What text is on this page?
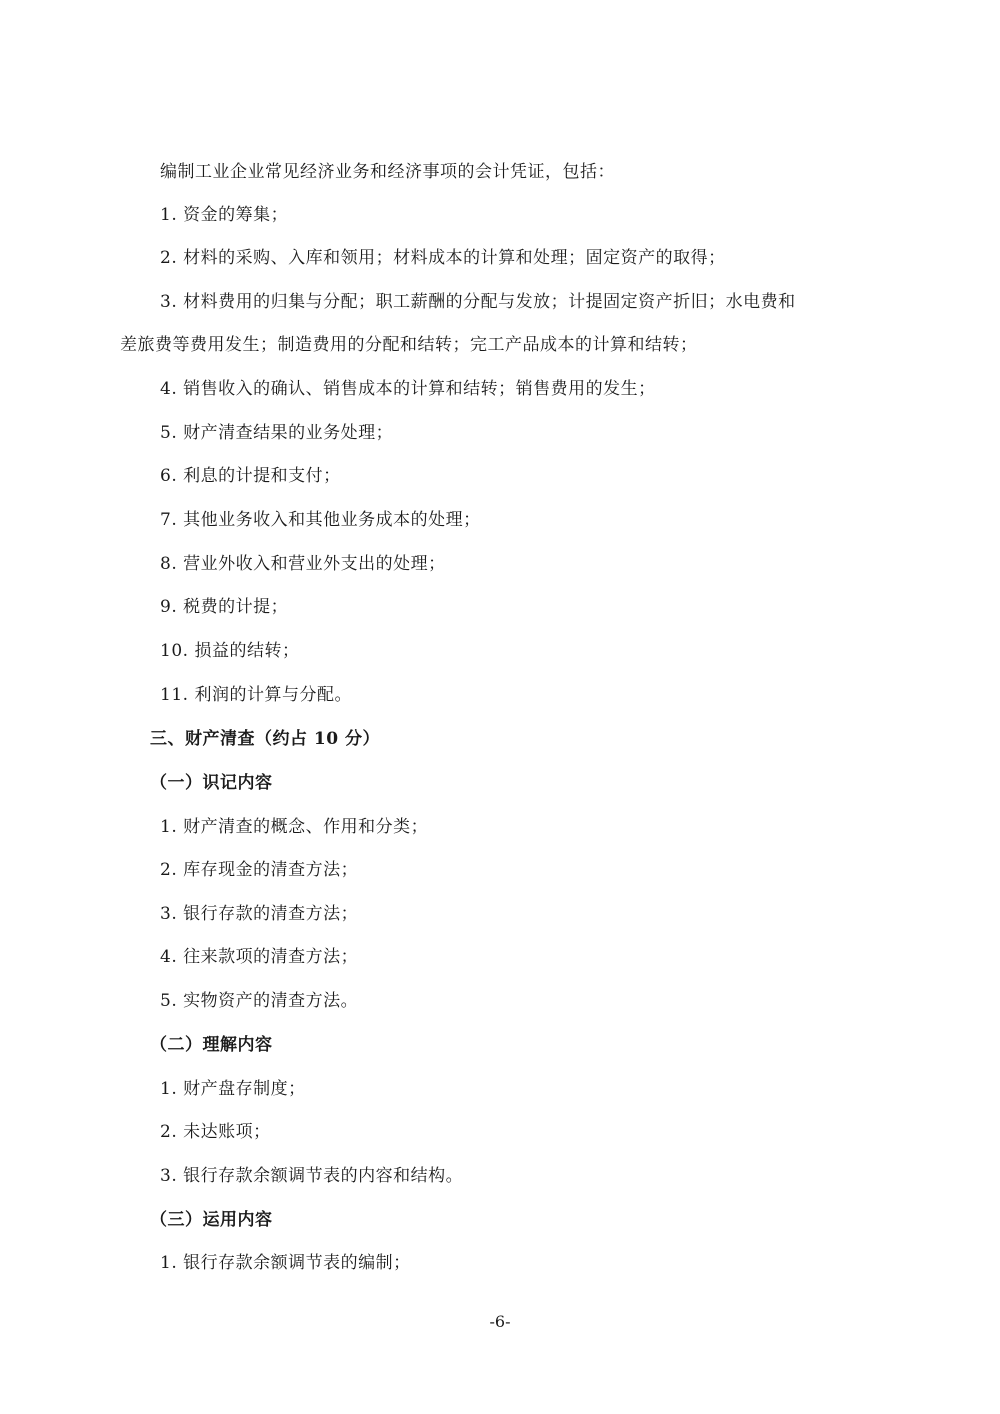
编制工业企业常见经济业务和经济事项的会计凭证，包括：
1. 资金的筹集；
2. 材料的采购、入库和领用；材料成本的计算和处理；固定资产的取得；
3. 材料费用的归集与分配；职工薪酬的分配与发放；计提固定资产折旧；水电费和
差旅费等费用发生；制造费用的分配和结转；完工产品成本的计算和结转；
4. 销售收入的确认、销售成本的计算和结转；销售费用的发生；
5. 财产清查结果的业务处理；
6. 利息的计提和支付；
7. 其他业务收入和其他业务成本的处理；
8. 营业外收入和营业外支出的处理；
9. 税费的计提；
10. 损益的结转；
11. 利润的计算与分配。
三、财产清查（约占 10 分）
（一）识记内容
1. 财产清查的概念、作用和分类；
2. 库存现金的清查方法；
3. 银行存款的清查方法；
4. 往来款项的清查方法；
5. 实物资产的清查方法。
（二）理解内容
1. 财产盘存制度；
2. 未达账项；
3. 银行存款余额调节表的内容和结构。
（三）运用内容
1. 银行存款余额调节表的编制；
-6-
